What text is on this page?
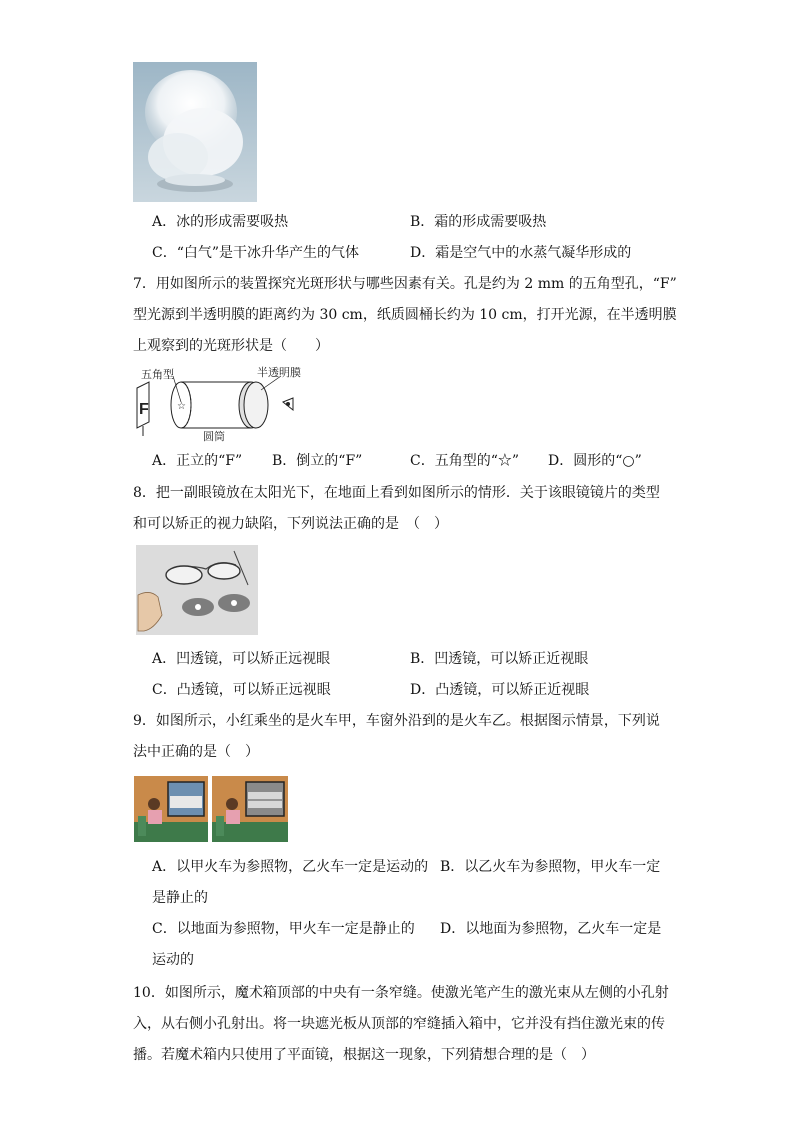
A．冰的形成需要吸热	B．霜的形成需要吸热
C．“白气”是干冰升华产生的气体	D．霜是空气中的水蒸气凝华形成的
7．用如图所示的装置探究光斑形状与哪些因素有关。孔是约为 2 mm 的五角型孔，“F”
型光源到半透明膜的距离约为 30 cm，纸质圆桶长约为 10 cm，打开光源，在半透明膜
上观察到的光斑形状是（　　）
F	☆
五角型	半透明膜
圆筒
A．正立的“F” B．倒立的“F”	C．五角型的“☆” D．圆形的“○”
8．把一副眼镜放在太阳光下，在地面上看到如图所示的情形．关于该眼镜镜片的类型
和可以矫正的视力缺陷，下列说法正确的是　（　）
A．凹透镜，可以矫正远视眼	B．凹透镜，可以矫正近视眼
C．凸透镜，可以矫正远视眼	D．凸透镜，可以矫正近视眼
9．如图所示，小红乘坐的是火车甲，车窗外沿到的是火车乙。根据图示情景，下列说
法中正确的是（　）
A．以甲火车为参照物，乙火车一定是运动的 B．以乙火车为参照物，甲火车一定
是静止的
C．以地面为参照物，甲火车一定是静止的 D．以地面为参照物，乙火车一定是
运动的
10．如图所示，魔术箱顶部的中央有一条窄缝。使激光笔产生的激光束从左侧的小孔射
入，从右侧小孔射出。将一块遮光板从顶部的窄缝插入箱中，它并没有挡住激光束的传
播。若魔术箱内只使用了平面镜，根据这一现象，下列猜想合理的是（　）
